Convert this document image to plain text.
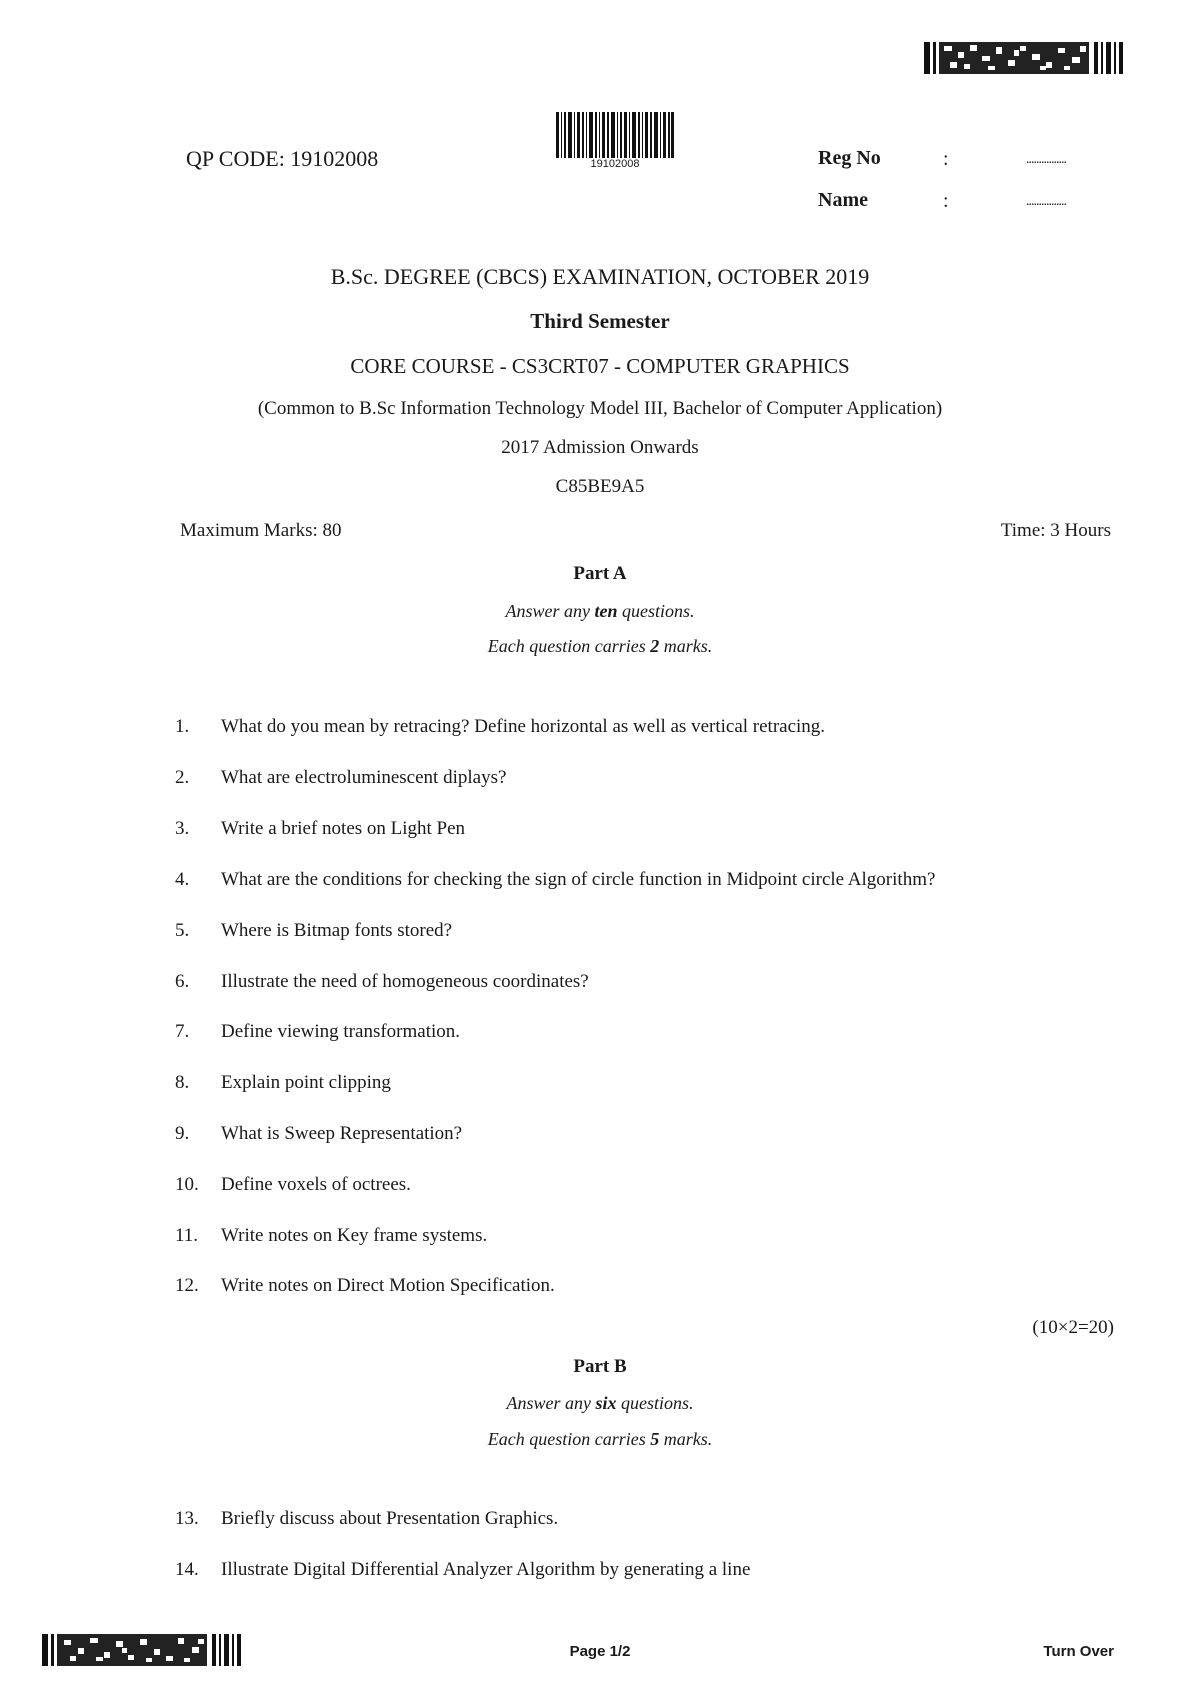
QP CODE: 19102008	19102008	Reg No	:	................
Name	:	................
B.Sc. DEGREE (CBCS) EXAMINATION, OCTOBER 2019
Third Semester
CORE COURSE - CS3CRT07 - COMPUTER GRAPHICS
(Common to B.Sc Information Technology Model III, Bachelor of Computer Application)
2017 Admission Onwards
C85BE9A5
Maximum Marks: 80	Time: 3 Hours
Part A
Answer any ten questions.
Each question carries 2 marks.
1.	What do you mean by retracing? Define horizontal as well as vertical retracing.
2.	What are electroluminescent diplays?
3.	Write a brief notes on Light Pen
4.	What are the conditions for checking the sign of circle function in Midpoint circle Algorithm?
5.	Where is Bitmap fonts stored?
6.	Illustrate the need of homogeneous coordinates?
7.	Define viewing transformation.
8.	Explain point clipping
9.	What is Sweep Representation?
10.	Define voxels of octrees.
11.	Write notes on Key frame systems.
12.	Write notes on Direct Motion Specification.
(10×2=20)
Part B
Answer any six questions.
Each question carries 5 marks.
13.	Briefly discuss about Presentation Graphics.
14.	Illustrate Digital Differential Analyzer Algorithm by generating a line
Page 1/2	Turn Over
